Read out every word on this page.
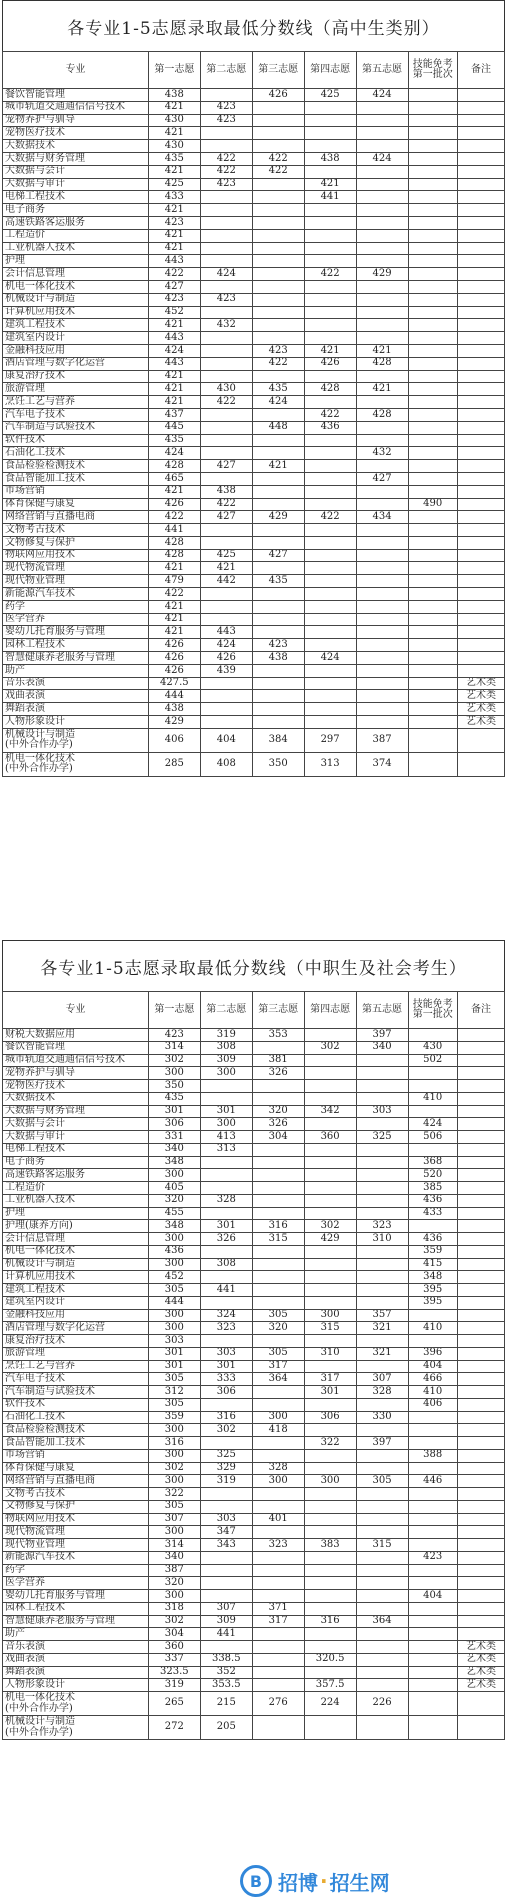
各专业1-5志愿录取最低分数线（高中生类别）
专业	第一志愿	第二志愿	第三志愿	第四志愿	第五志愿	技能免考第一批次	备注
餐饮智能管理	438		426	425	424		
城市轨道交通通信信号技术	421	423					
宠物养护与驯导	430	423					
宠物医疗技术	421						
大数据技术	430						
大数据与财务管理	435	422	422	438	424		
大数据与会计	421	422	422				
大数据与审计	425	423		421			
电梯工程技术	433			441			
电子商务	421						
高速铁路客运服务	423						
工程造价	421						
工业机器人技术	421						
护理	443						
会计信息管理	422	424		422	429		
机电一体化技术	427						
机械设计与制造	423	423					
计算机应用技术	452						
建筑工程技术	421	432					
建筑室内设计	443						
金融科技应用	424		423	421	421		
酒店管理与数字化运营	443		422	426	428		
康复治疗技术	421						
旅游管理	421	430	435	428	421		
烹饪工艺与营养	421	422	424				
汽车电子技术	437			422	428		
汽车制造与试验技术	445		448	436			
软件技术	435						
石油化工技术	424				432		
食品检验检测技术	428	427	421				
食品智能加工技术	465				427		
市场营销	421	438					
体育保健与康复	426	422				490	
网络营销与直播电商	422	427	429	422	434		
文物考古技术	441						
文物修复与保护	428						
物联网应用技术	428	425	427				
现代物流管理	421	421					
现代物业管理	479	442	435				
新能源汽车技术	422						
药学	421						
医学营养	421						
婴幼儿托育服务与管理	421	443					
园林工程技术	426	424	423				
智慧健康养老服务与管理	426	426	438	424			
助产	426	439					
音乐表演	427.5						艺术类
戏曲表演	444						艺术类
舞蹈表演	438						艺术类
人物形象设计	429						艺术类
机械设计与制造
(中外合作办学)	406	404	384	297	387		
机电一体化技术
(中外合作办学)	285	408	350	313	374		
各专业1-5志愿录取最低分数线（中职生及社会考生）
专业	第一志愿	第二志愿	第三志愿	第四志愿	第五志愿	技能免考第一批次	备注
财税大数据应用	423	319	353		397		
餐饮智能管理	314	308		302	340	430	
城市轨道交通通信信号技术	302	309	381			502	
宠物养护与驯导	300	300	326				
宠物医疗技术	350						
大数据技术	435					410	
大数据与财务管理	301	301	320	342	303		
大数据与会计	306	300	326			424	
大数据与审计	331	413	304	360	325	506	
电梯工程技术	340	313					
电子商务	348					368	
高速铁路客运服务	300					520	
工程造价	405					385	
工业机器人技术	320	328				436	
护理	455					433	
护理(康养方向)	348	301	316	302	323		
会计信息管理	300	326	315	429	310	436	
机电一体化技术	436					359	
机械设计与制造	300	308				415	
计算机应用技术	452					348	
建筑工程技术	305	441				395	
建筑室内设计	444					395	
金融科技应用	300	324	305	300	357		
酒店管理与数字化运营	300	323	320	315	321	410	
康复治疗技术	303						
旅游管理	301	303	305	310	321	396	
烹饪工艺与营养	301	301	317			404	
汽车电子技术	305	333	364	317	307	466	
汽车制造与试验技术	312	306		301	328	410	
软件技术	305					406	
石油化工技术	359	316	300	306	330		
食品检验检测技术	300	302	418				
食品智能加工技术	316			322	397		
市场营销	300	325				388	
体育保健与康复	302	329	328				
网络营销与直播电商	300	319	300	300	305	446	
文物考古技术	322						
文物修复与保护	305						
物联网应用技术	307	303	401				
现代物流管理	300	347					
现代物业管理	314	343	323	383	315		
新能源汽车技术	340					423	
药学	387						
医学营养	320						
婴幼儿托育服务与管理	300					404	
园林工程技术	318	307	371				
智慧健康养老服务与管理	302	309	317	316	364		
助产	304	441					
音乐表演	360						艺术类
戏曲表演	337	338.5		320.5			艺术类
舞蹈表演	323.5	352					艺术类
人物形象设计	319	353.5		357.5			艺术类
机电一体化技术
(中外合作办学)	265	215	276	224	226		
机械设计与制造
(中外合作办学)	272	205					
B 招博 · 招生网
